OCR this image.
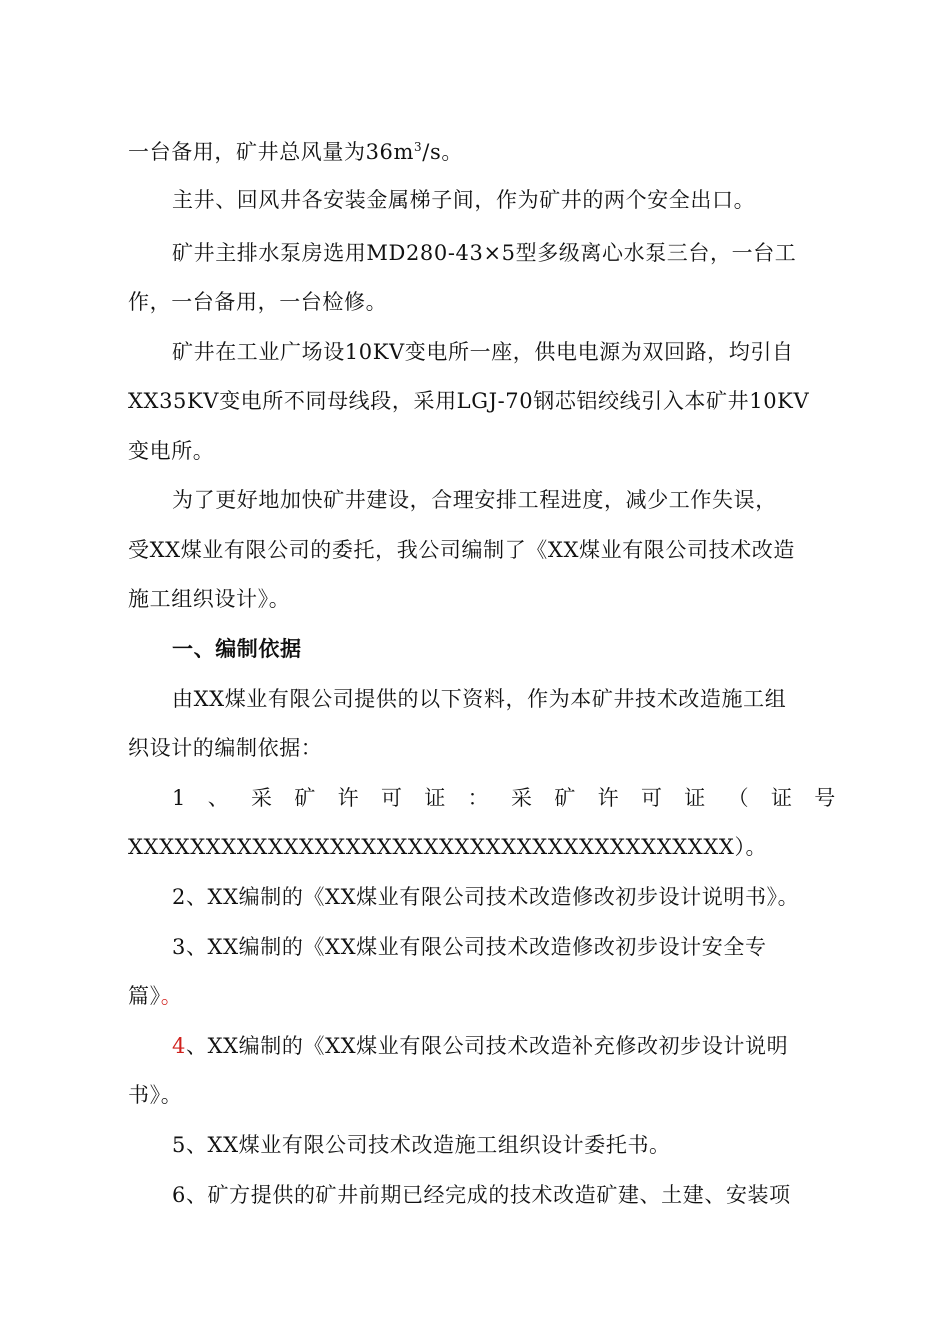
一台备用，矿井总风量为$36m^3/s$。
主井、回风井各安装金属梯子间，作为矿井的两个安全出口。
矿井主排水泵房选用MD280-43×5型多级离心水泵三台，一台工
作，一台备用，一台检修。
矿井在工业广场设10KV变电所一座，供电电源为双回路，均引自
XX35KV变电所不同母线段，采用LGJ-70钢芯铝绞线引入本矿井10KV
变电所。
为了更好地加快矿井建设，合理安排工程进度，减少工作失误，
受XX煤业有限公司的委托，我公司编制了《XX煤业有限公司技术改造
施工组织设计》。
一、编制依据
由XX煤业有限公司提供的以下资料，作为本矿井技术改造施工组
织设计的编制依据：
1 、 采 矿 许 可 证 ： 采 矿 许 可 证 （ 证 号
XXXXXXXXXXXXXXXXXXXXXXXXXXXXXXXXXXXXXXX）。
2、XX编制的《XX煤业有限公司技术改造修改初步设计说明书》。
3、XX编制的《XX煤业有限公司技术改造修改初步设计安全专
篇》。
4、XX编制的《XX煤业有限公司技术改造补充修改初步设计说明
书》。
5、XX煤业有限公司技术改造施工组织设计委托书。
6、矿方提供的矿井前期已经完成的技术改造矿建、土建、安装项
